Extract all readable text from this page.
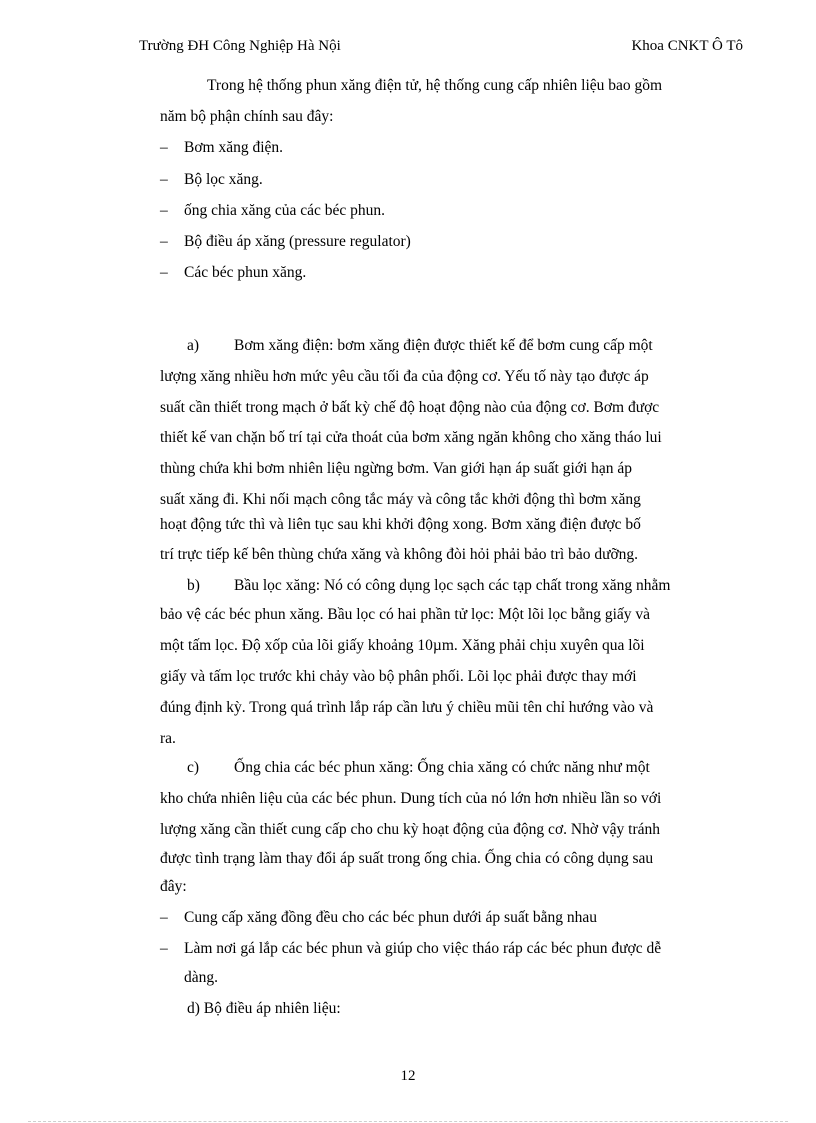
Trường ĐH Công Nghiệp Hà Nội	Khoa CNKT Ô Tô
Trong hệ thống phun xăng điện tử, hệ thống cung cấp nhiên liệu bao gồm
năm bộ phận chính sau đây:
– Bơm xăng điện.
– Bộ lọc xăng.
– ống chia xăng của các béc phun.
– Bộ điều áp xăng (pressure regulator)
– Các béc phun xăng.
a) Bơm xăng điện: bơm xăng điện được thiết kế để bơm cung cấp một
lượng xăng nhiều hơn mức yêu cầu tối đa của động cơ. Yếu tố này tạo được áp
suất cần thiết trong mạch ở bất kỳ chế độ hoạt động nào của động cơ. Bơm được
thiết kế van chặn bố trí tại cửa thoát của bơm xăng ngăn không cho xăng tháo lui
thùng chứa khi bơm nhiên liệu ngừng bơm. Van giới hạn áp suất giới hạn áp
suất xăng đi. Khi nối mạch công tắc máy và công tắc khởi động thì bơm xăng
hoạt động tức thì và liên tục sau khi khởi động xong. Bơm xăng điện được bố
trí trực tiếp kế bên thùng chứa xăng và không đòi hỏi phải bảo trì bảo dưỡng.
b) Bầu lọc xăng: Nó có công dụng lọc sạch các tạp chất trong xăng nhằm
bảo vệ các béc phun xăng. Bầu lọc có hai phần tử lọc: Một lõi lọc bằng giấy và
một tấm lọc. Độ xốp của lõi giấy khoảng 10µm. Xăng phải chịu xuyên qua lõi
giấy và tấm lọc trước khi chảy vào bộ phân phối. Lõi lọc phải được thay mới
đúng định kỳ. Trong quá trình lắp ráp cần lưu ý chiều mũi tên chỉ hướng vào và
ra.
c) Ống chia các béc phun xăng: Ống chia xăng có chức năng như một
kho chứa nhiên liệu của các béc phun. Dung tích của nó lớn hơn nhiều lần so với
lượng xăng cần thiết cung cấp cho chu kỳ hoạt động của động cơ. Nhờ vậy tránh
được tình trạng làm thay đổi áp suất trong ống chia. Ống chia có công dụng sau
đây:
– Cung cấp xăng đồng đều cho các béc phun dưới áp suất bằng nhau
– Làm nơi gá lắp các béc phun và giúp cho việc tháo ráp các béc phun được dễ
dàng.
d) Bộ điều áp nhiên liệu:
12
